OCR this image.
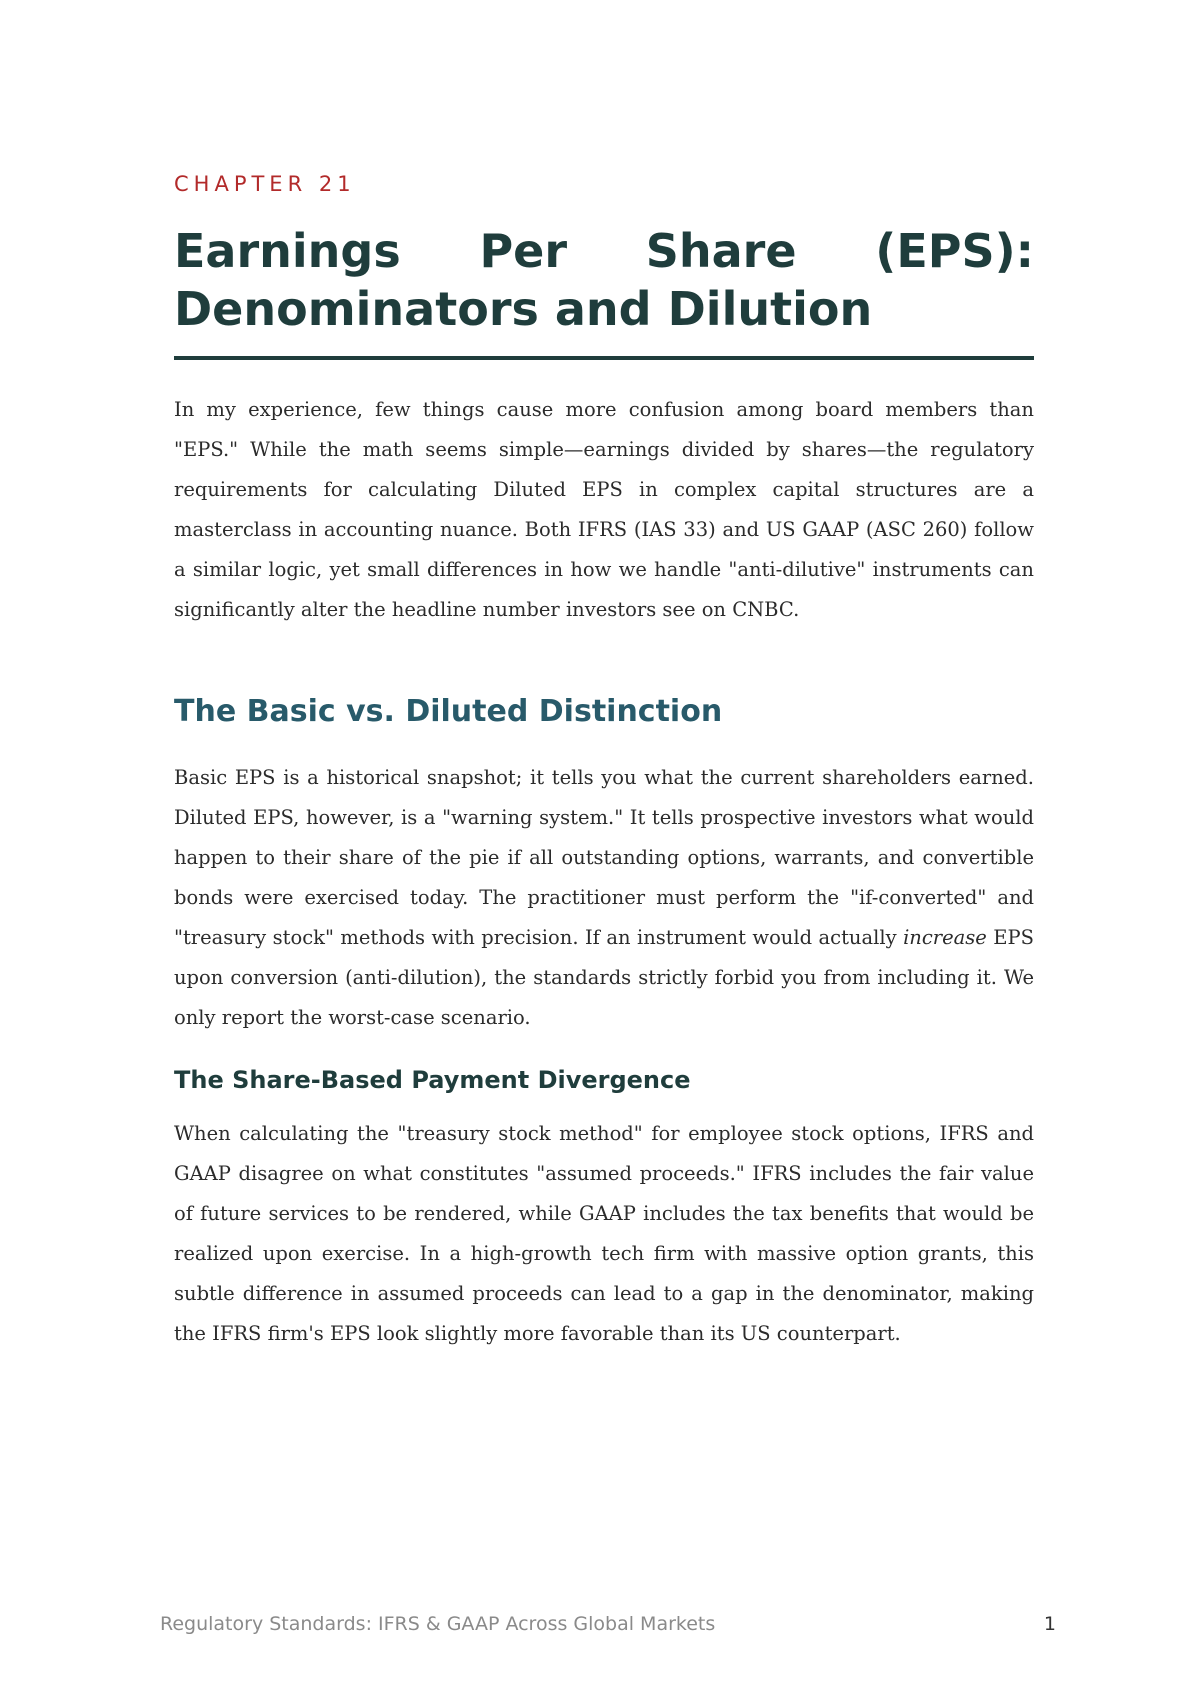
CHAPTER 21

Earnings Per Share (EPS): Denominators and Dilution

In my experience, few things cause more confusion among board members than "EPS." While the math seems simple—earnings divided by shares—the regulatory requirements for calculating Diluted EPS in complex capital structures are a masterclass in accounting nuance. Both IFRS (IAS 33) and US GAAP (ASC 260) follow a similar logic, yet small differences in how we handle "anti-dilutive" instruments can significantly alter the headline number investors see on CNBC.

The Basic vs. Diluted Distinction

Basic EPS is a historical snapshot; it tells you what the current shareholders earned. Diluted EPS, however, is a "warning system." It tells prospective investors what would happen to their share of the pie if all outstanding options, warrants, and convertible bonds were exercised today. The practitioner must perform the "if-converted" and "treasury stock" methods with precision. If an instrument would actually increase EPS upon conversion (anti-dilution), the standards strictly forbid you from including it. We only report the worst-case scenario.

The Share-Based Payment Divergence

When calculating the "treasury stock method" for employee stock options, IFRS and GAAP disagree on what constitutes "assumed proceeds." IFRS includes the fair value of future services to be rendered, while GAAP includes the tax benefits that would be realized upon exercise. In a high-growth tech firm with massive option grants, this subtle difference in assumed proceeds can lead to a gap in the denominator, making the IFRS firm's EPS look slightly more favorable than its US counterpart.

Regulatory Standards: IFRS & GAAP Across Global Markets	1
